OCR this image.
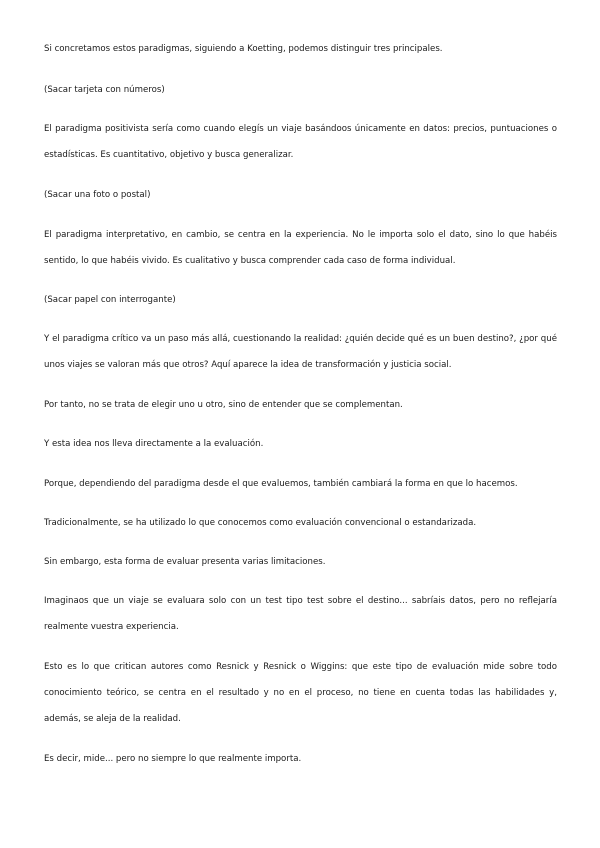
Si concretamos estos paradigmas, siguiendo a Koetting, podemos distinguir tres principales.

(Sacar tarjeta con números)

El paradigma positivista sería como cuando elegís un viaje basándoos únicamente en datos: precios, puntuaciones o estadísticas. Es cuantitativo, objetivo y busca generalizar.

(Sacar una foto o postal)

El paradigma interpretativo, en cambio, se centra en la experiencia. No le importa solo el dato, sino lo que habéis sentido, lo que habéis vivido. Es cualitativo y busca comprender cada caso de forma individual.

(Sacar papel con interrogante)

Y el paradigma crítico va un paso más allá, cuestionando la realidad: ¿quién decide qué es un buen destino?, ¿por qué unos viajes se valoran más que otros? Aquí aparece la idea de transformación y justicia social.

Por tanto, no se trata de elegir uno u otro, sino de entender que se complementan.

Y esta idea nos lleva directamente a la evaluación.

Porque, dependiendo del paradigma desde el que evaluemos, también cambiará la forma en que lo hacemos.

Tradicionalmente, se ha utilizado lo que conocemos como evaluación convencional o estandarizada.

Sin embargo, esta forma de evaluar presenta varias limitaciones.

Imaginaos que un viaje se evaluara solo con un test tipo test sobre el destino... sabríais datos, pero no reflejaría realmente vuestra experiencia.

Esto es lo que critican autores como Resnick y Resnick o Wiggins: que este tipo de evaluación mide sobre todo conocimiento teórico, se centra en el resultado y no en el proceso, no tiene en cuenta todas las habilidades y, además, se aleja de la realidad.

Es decir, mide... pero no siempre lo que realmente importa.
